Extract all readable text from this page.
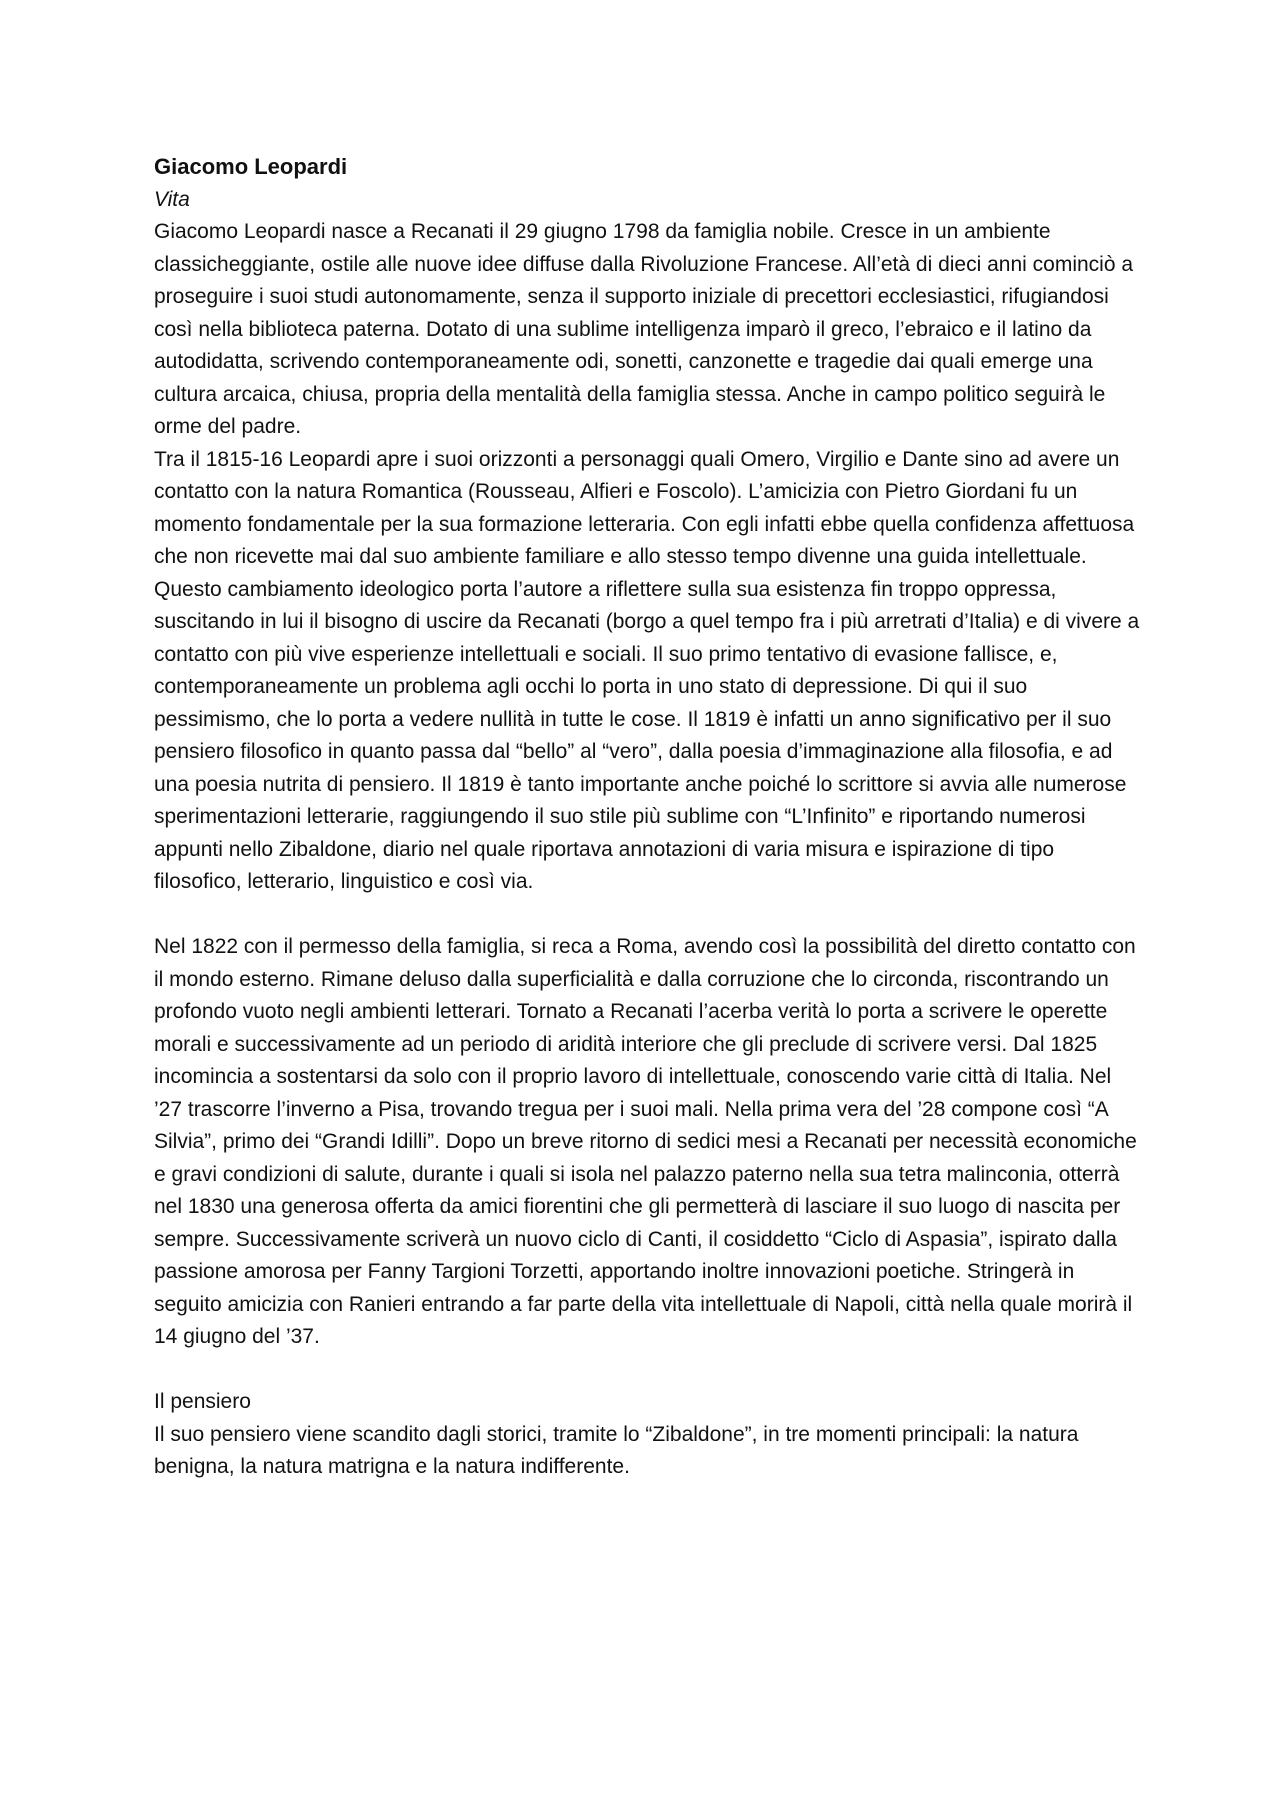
Giacomo Leopardi

Vita

Giacomo Leopardi nasce a Recanati il 29 giugno 1798 da famiglia nobile. Cresce in un ambiente classicheggiante, ostile alle nuove idee diffuse dalla Rivoluzione Francese. All’età di dieci anni cominciò a proseguire i suoi studi autonomamente, senza il supporto iniziale di precettori ecclesiastici, rifugiandosi così nella biblioteca paterna. Dotato di una sublime intelligenza imparò il greco, l’ebraico e il latino da autodidatta, scrivendo contemporaneamente odi, sonetti, canzonette e tragedie dai quali emerge una cultura arcaica, chiusa, propria della mentalità della famiglia stessa. Anche in campo politico seguirà le orme del padre.

Tra il 1815-16 Leopardi apre i suoi orizzonti a personaggi quali Omero, Virgilio e Dante sino ad avere un contatto con la natura Romantica (Rousseau, Alfieri e Foscolo). L’amicizia con Pietro Giordani fu un momento fondamentale per la sua formazione letteraria. Con egli infatti ebbe quella confidenza affettuosa che non ricevette mai dal suo ambiente familiare e allo stesso tempo divenne una guida intellettuale. Questo cambiamento ideologico porta l’autore a riflettere sulla sua esistenza fin troppo oppressa, suscitando in lui il bisogno di uscire da Recanati (borgo a quel tempo fra i più arretrati d’Italia) e di vivere a contatto con più vive esperienze intellettuali e sociali. Il suo primo tentativo di evasione fallisce, e, contemporaneamente un problema agli occhi lo porta in uno stato di depressione. Di qui il suo pessimismo, che lo porta a vedere nullità in tutte le cose. Il 1819 è infatti un anno significativo per il suo pensiero filosofico in quanto passa dal “bello” al “vero”, dalla poesia d’immaginazione alla filosofia, e ad una poesia nutrita di pensiero. Il 1819 è tanto importante anche poiché lo scrittore si avvia alle numerose sperimentazioni letterarie, raggiungendo il suo stile più sublime con “L’Infinito” e riportando numerosi appunti nello Zibaldone, diario nel quale riportava annotazioni di varia misura e ispirazione di tipo filosofico, letterario, linguistico e così via.

Nel 1822 con il permesso della famiglia, si reca a Roma, avendo così la possibilità del diretto contatto con il mondo esterno. Rimane deluso dalla superficialità e dalla corruzione che lo circonda, riscontrando un profondo vuoto negli ambienti letterari. Tornato a Recanati l’acerba verità lo porta a scrivere le operette morali e successivamente ad un periodo di aridità interiore che gli preclude di scrivere versi. Dal 1825 incomincia a sostentarsi da solo con il proprio lavoro di intellettuale, conoscendo varie città di Italia. Nel ’27 trascorre l’inverno a Pisa, trovando tregua per i suoi mali. Nella prima vera del ’28 compone così “A Silvia”, primo dei “Grandi Idilli”. Dopo un breve ritorno di sedici mesi a Recanati per necessità economiche e gravi condizioni di salute, durante i quali si isola nel palazzo paterno nella sua tetra malinconia, otterrà nel 1830 una generosa offerta da amici fiorentini che gli permetterà di lasciare il suo luogo di nascita per sempre. Successivamente scriverà un nuovo ciclo di Canti, il cosiddetto “Ciclo di Aspasia”, ispirato dalla passione amorosa per Fanny Targioni Torzetti, apportando inoltre innovazioni poetiche. Stringerà in seguito amicizia con Ranieri entrando a far parte della vita intellettuale di Napoli, città nella quale morirà il 14 giugno del ’37.

Il pensiero

Il suo pensiero viene scandito dagli storici, tramite lo “Zibaldone”, in tre momenti principali: la natura benigna, la natura matrigna e la natura indifferente.
